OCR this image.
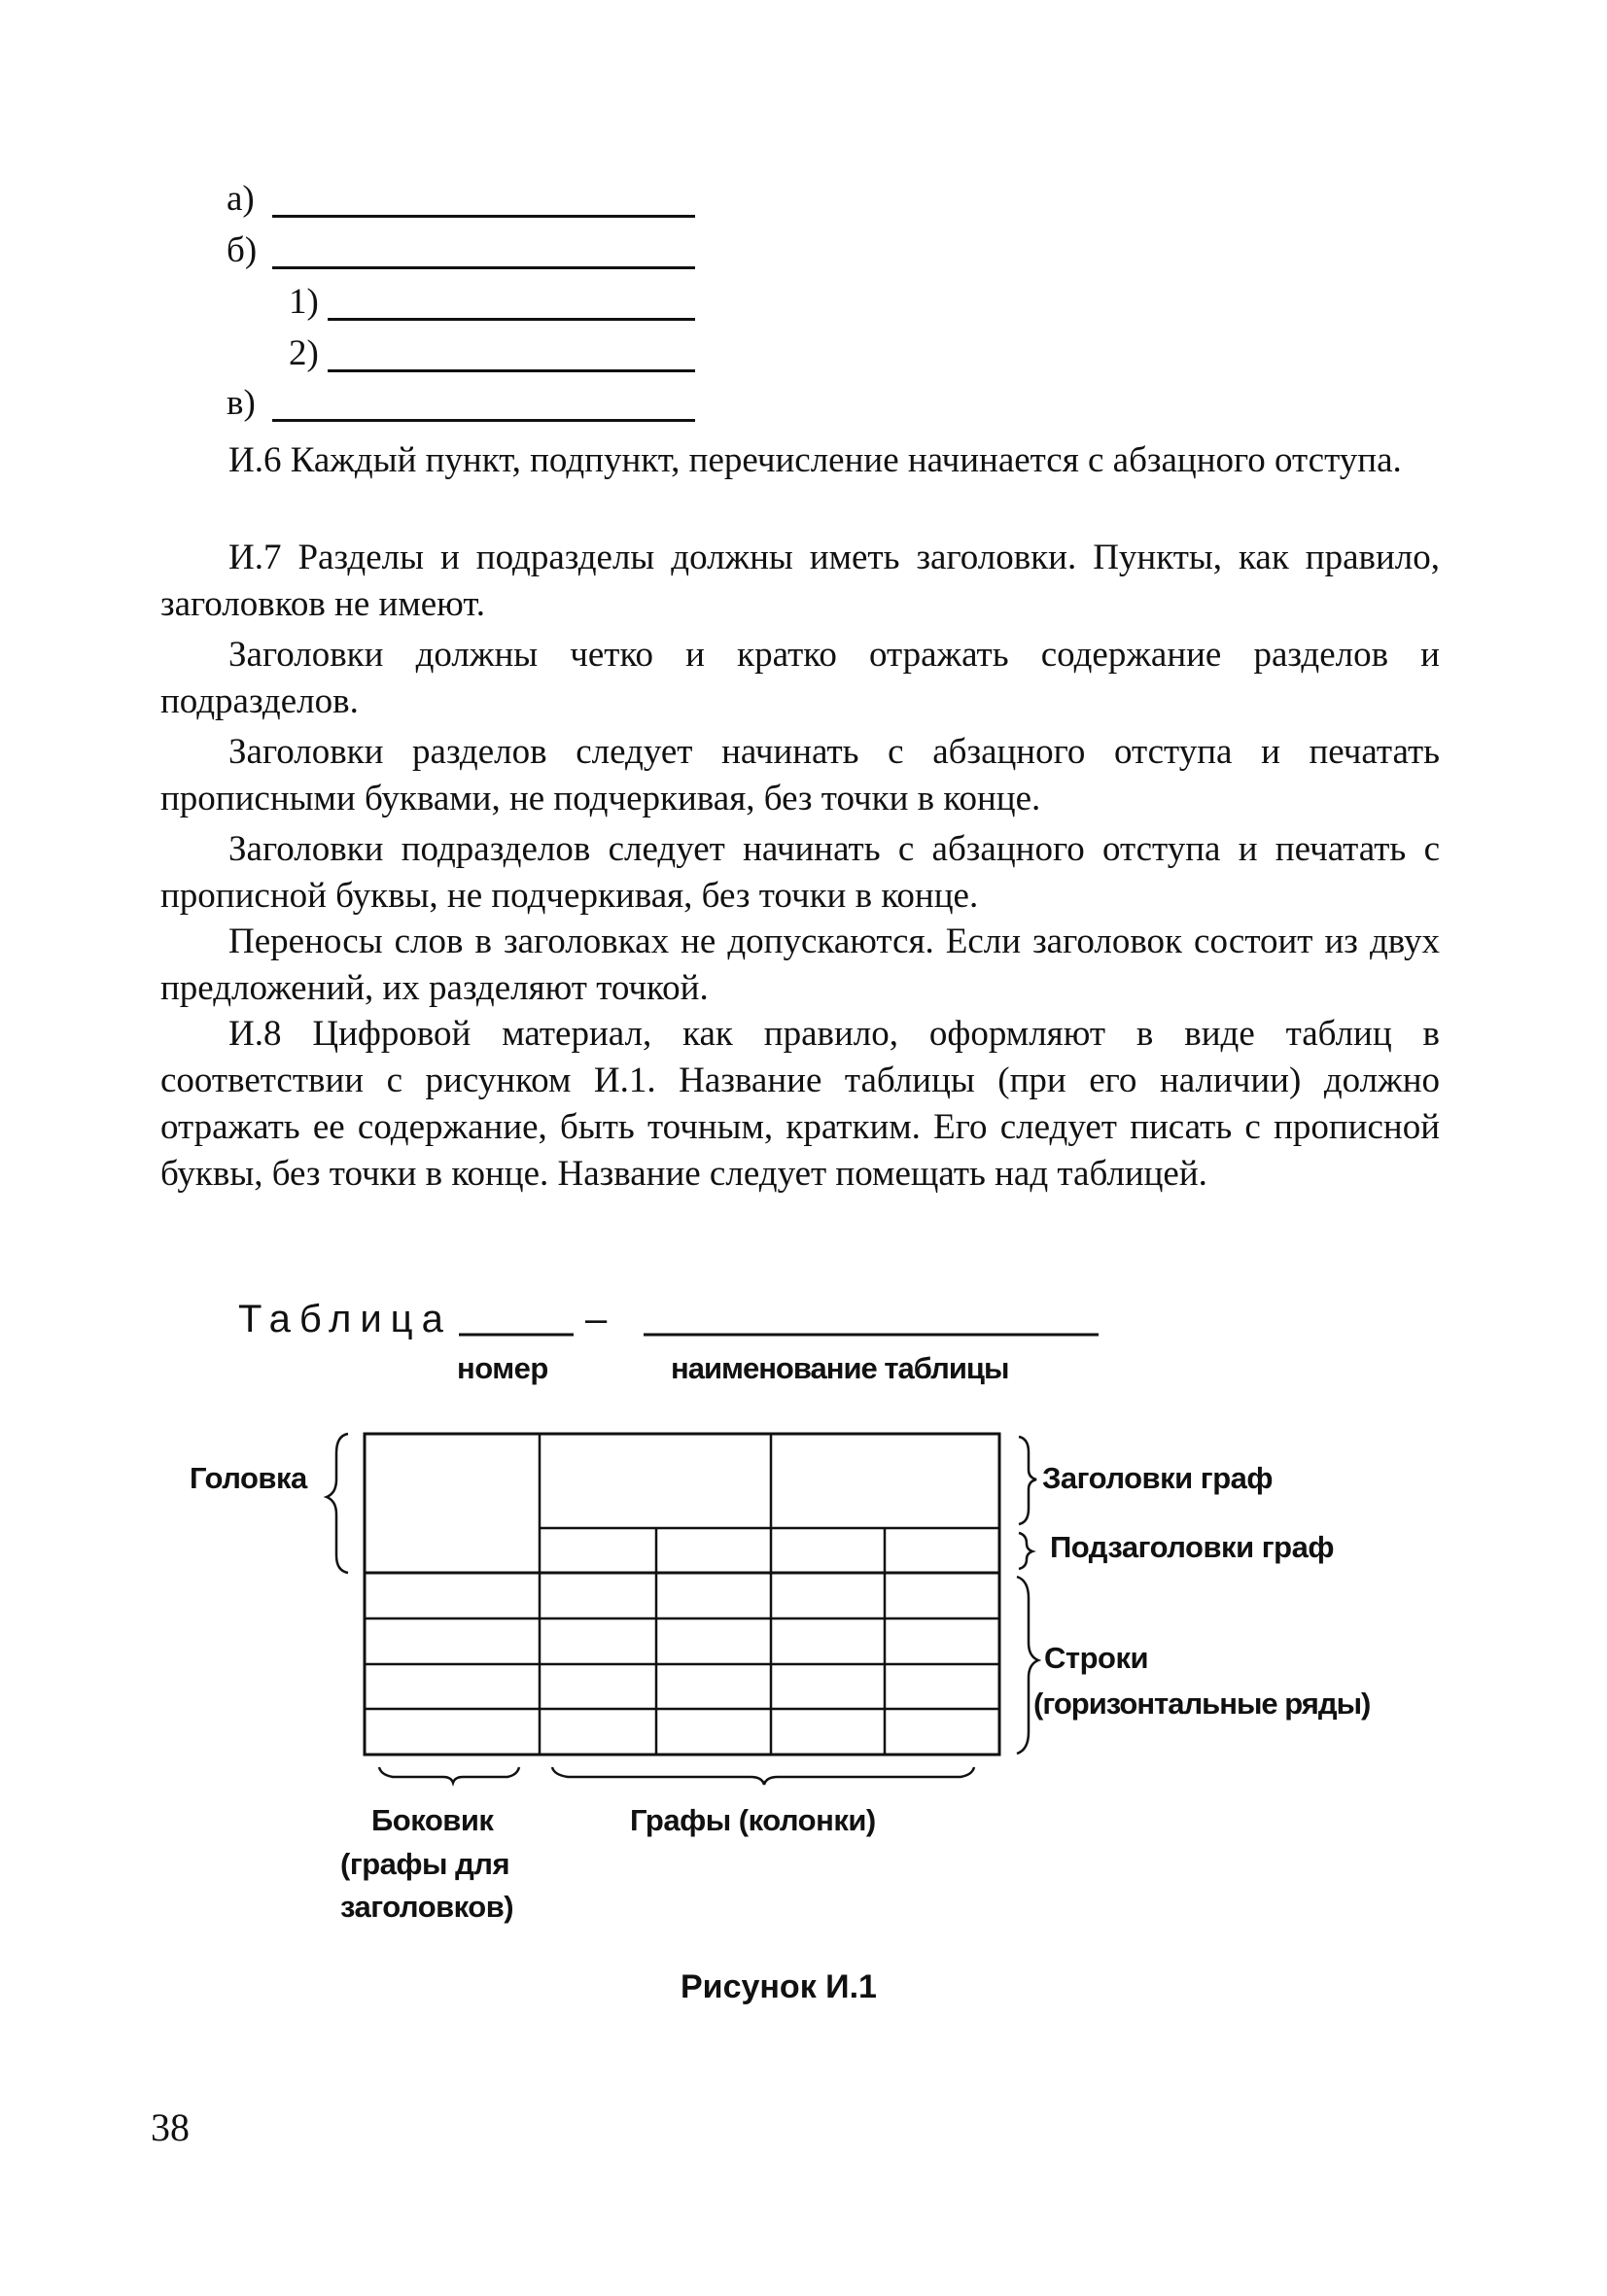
а)
б)
1)
2)
в)

И.6 Каждый пункт, подпункт, перечисление начинается с абзацного отступа.

И.7 Разделы и подразделы должны иметь заголовки. Пункты, как правило, заголовков не имеют.

Заголовки должны четко и кратко отражать содержание разделов и подразделов.

Заголовки разделов следует начинать с абзацного отступа и печатать прописными буквами, не подчеркивая, без точки в конце.

Заголовки подразделов следует начинать с абзацного отступа и печатать с прописной буквы, не подчеркивая, без точки в конце.

Переносы слов в заголовках не допускаются. Если заголовок состоит из двух предложений, их разделяют точкой.

И.8 Цифровой материал, как правило, оформляют в виде таблиц в соответствии с рисунком И.1. Название таблицы (при его наличии) должно отражать ее содержание, быть точным, кратким. Его следует писать с прописной буквы, без точки в конце. Название следует помещать над таблицей.

Таблица	–
номер	наименование таблицы
Головка	Заголовки граф
Подзаголовки граф
Строки
(горизонтальные ряды)
Боковик
(графы для
заголовков)
Графы (колонки)
Рисунок И.1
38
